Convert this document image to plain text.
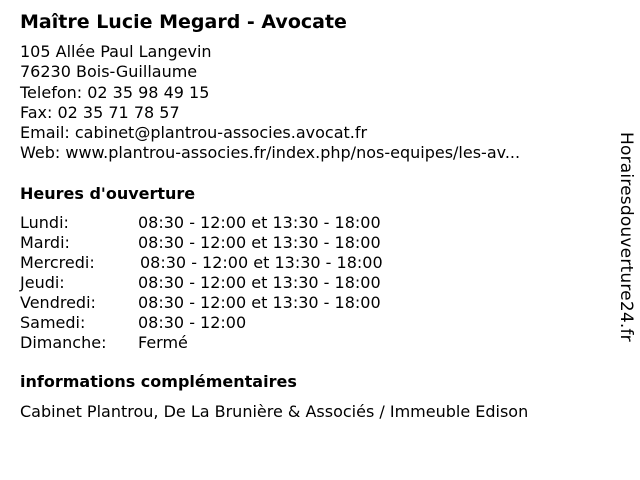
Maître Lucie Megard - Avocate
105 Allée Paul Langevin
76230 Bois-Guillaume
Telefon: 02 35 98 49 15
Fax: 02 35 71 78 57
Email: cabinet@plantrou-associes.avocat.fr
Web: www.plantrou-associes.fr/index.php/nos-equipes/les-av...
Heures d'ouverture
Lundi:	08:30 - 12:00 et 13:30 - 18:00
Mardi:	08:30 - 12:00 et 13:30 - 18:00
Mercredi:	08:30 - 12:00 et 13:30 - 18:00
Jeudi:	08:30 - 12:00 et 13:30 - 18:00
Vendredi:	08:30 - 12:00 et 13:30 - 18:00
Samedi:	08:30 - 12:00
Dimanche:	Fermé
informations complémentaires
Cabinet Plantrou, De La Brunière & Associés / Immeuble Edison
Horairesdouverture24.fr
